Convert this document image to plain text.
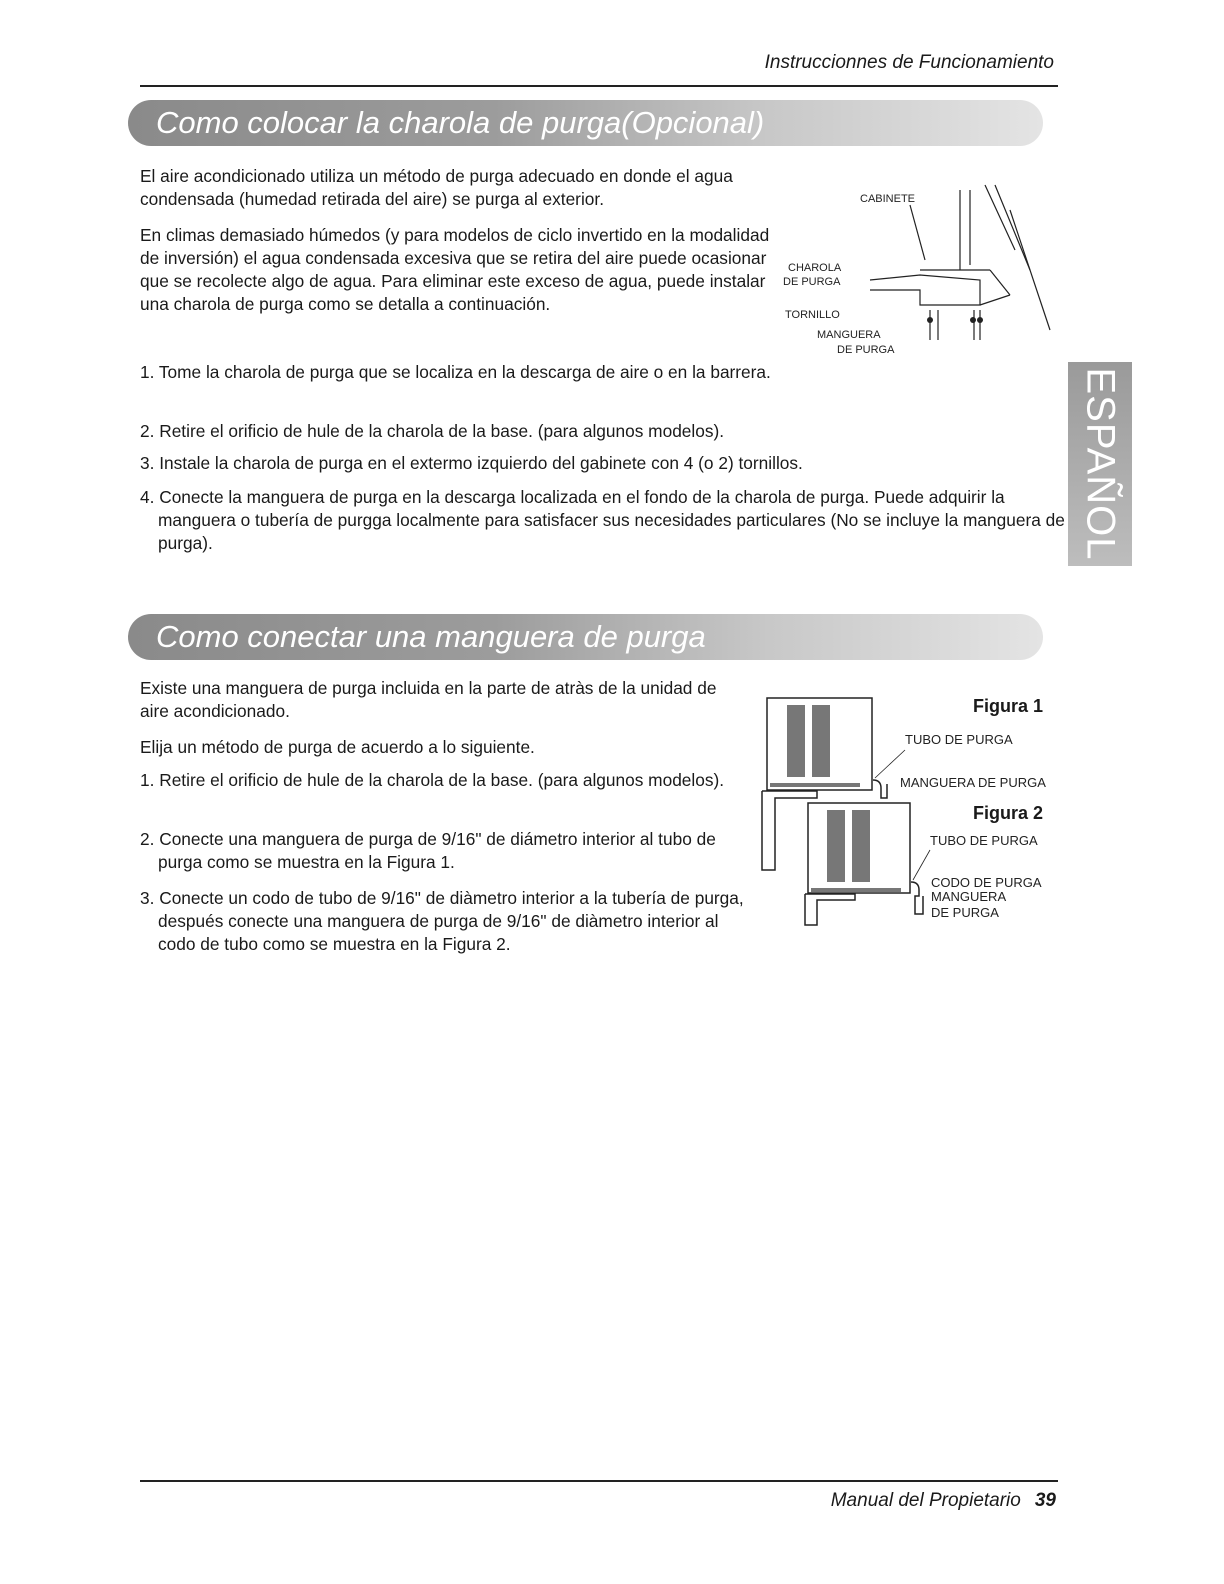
Instruccionnes de Funcionamiento
Como colocar la charola de purga(Opcional)
El aire acondicionado utiliza un método de purga adecuado en donde el agua condensada (humedad retirada del aire) se purga al exterior.
En climas demasiado húmedos (y para modelos de ciclo invertido en la modalidad de inversión) el agua condensada excesiva que se retira del aire puede ocasionar que se recolecte algo de agua. Para eliminar este exceso de agua, puede instalar una charola de purga como se detalla a continuación.
1. Tome la charola de purga que se localiza en la descarga de aire o en la barrera.
2. Retire el orificio de hule de la charola de la base. (para algunos modelos).
3. Instale la charola de purga en el extermo izquierdo del gabinete con 4 (o 2) tornillos.
4. Conecte la manguera de purga en la descarga localizada en el fondo de la charola de purga. Puede adquirir la manguera o tubería de purgga localmente para satisfacer sus necesidades particulares (No se incluye la manguera de purga).
CABINETE
CHAROLA
DE PURGA
TORNILLO
MANGUERA
DE PURGA
ESPAÑOL
Como conectar una manguera de purga
Existe una manguera de purga incluida en la parte de atràs de la unidad de aire acondicionado.
Elija un método de purga de acuerdo a lo siguiente.
1. Retire el orificio de hule de la charola de la base. (para algunos modelos).
2. Conecte una manguera de purga de 9/16" de diámetro interior al tubo de purga como se muestra en la Figura 1.
3. Conecte un codo de tubo de 9/16" de diàmetro interior a la tubería de purga, después conecte una manguera de purga de 9/16" de diàmetro interior al codo de tubo como se muestra en la Figura 2.
Figura 1
TUBO DE PURGA
MANGUERA DE PURGA
Figura 2
TUBO DE PURGA
CODO DE PURGA
MANGUERA
DE PURGA
Manual del Propietario 39
